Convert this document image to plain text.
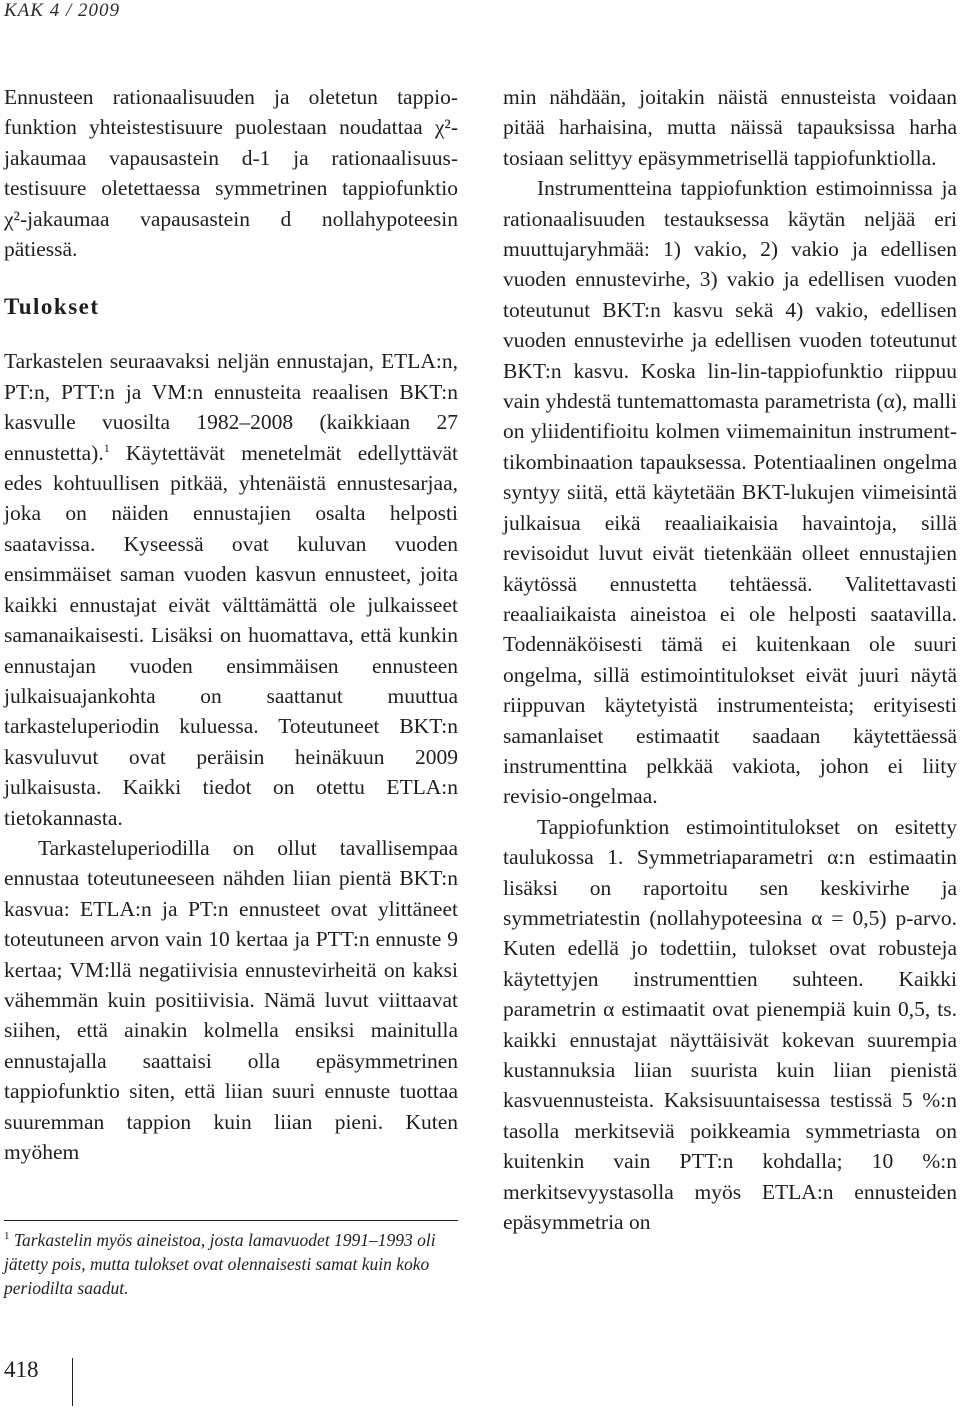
KAK 4 / 2009

Ennusteen rationaalisuuden ja oletetun tappiofunktion yhteistestisuure puolestaan noudattaa χ²-jakaumaa vapausastein d-1 ja rationaalisuustestisuure oletettaessa symmetrinen tappiofunktio χ²-jakaumaa vapausastein d nollahypoteesin pätiessä.

Tulokset

Tarkastelen seuraavaksi neljän ennustajan, ETLA:n, PT:n, PTT:n ja VM:n ennusteita reaalisen BKT:n kasvulle vuosilta 1982–2008 (kaikkiaan 27 ennustetta).$^1$ Käytettävät menetelmät edellyttävät edes kohtuullisen pitkää, yhtenäistä ennustesarjaa, joka on näiden ennustajien osalta helposti saatavissa. Kyseessä ovat kuluvan vuoden ensimmäiset saman vuoden kasvun ennusteet, joita kaikki ennustajat eivät välttämättä ole julkaisseet samanaikaisesti. Lisäksi on huomattava, että kunkin ennustajan vuoden ensimmäisen ennusteen julkaisuajankohta on saattanut muuttua tarkasteluperiodin kuluessa. Toteutuneet BKT:n kasvuluvut ovat peräisin heinäkuun 2009 julkaisusta. Kaikki tiedot on otettu ETLA:n tietokannasta.

Tarkasteluperiodilla on ollut tavallisempaa ennustaa toteutuneeseen nähden liian pientä BKT:n kasvua: ETLA:n ja PT:n ennusteet ovat ylittäneet toteutuneen arvon vain 10 kertaa ja PTT:n ennuste 9 kertaa; VM:llä negatiivisia ennustevirheitä on kaksi vähemmän kuin positiivisia. Nämä luvut viittaavat siihen, että ainakin kolmella ensiksi mainitulla ennustajalla saattaisi olla epäsymmetrinen tappiofunktio siten, että liian suuri ennuste tuottaa suuremman tappion kuin liian pieni. Kuten myöhem

min nähdään, joitakin näistä ennusteista voidaan pitää harhaisina, mutta näissä tapauksissa harha tosiaan selittyy epäsymmetrisellä tappiofunktiolla.

Instrumentteina tappiofunktion estimoinnissa ja rationaalisuuden testauksessa käytän neljää eri muuttujaryhmää: 1) vakio, 2) vakio ja edellisen vuoden ennustevirhe, 3) vakio ja edellisen vuoden toteutunut BKT:n kasvu sekä 4) vakio, edellisen vuoden ennustevirhe ja edellisen vuoden toteutunut BKT:n kasvu. Koska lin-lin-tappiofunktio riippuu vain yhdestä tuntemattomasta parametrista (α), malli on yliidentifioitu kolmen viimemainitun instrumenttikombinaation tapauksessa. Potentiaalinen ongelma syntyy siitä, että käytetään BKT-lukujen viimeisintä julkaisua eikä reaaliaikaisia havaintoja, sillä revisoidut luvut eivät tietenkään olleet ennustajien käytössä ennustetta tehtäessä. Valitettavasti reaaliaikaista aineistoa ei ole helposti saatavilla. Todennäköisesti tämä ei kuitenkaan ole suuri ongelma, sillä estimointitulokset eivät juuri näytä riippuvan käytetyistä instrumenteista; erityisesti samanlaiset estimaatit saadaan käytettäessä instrumenttina pelkkää vakiota, johon ei liity revisio-ongelmaa.

Tappiofunktion estimointitulokset on esitetty taulukossa 1. Symmetriaparametri α:n estimaatin lisäksi on raportoitu sen keskivirhe ja symmetriatestin (nollahypoteesina α = 0,5) p-arvo. Kuten edellä jo todettiin, tulokset ovat robusteja käytettyjen instrumenttien suhteen. Kaikki parametrin α estimaatit ovat pienempiä kuin 0,5, ts. kaikki ennustajat näyttäisivät kokevan suurempia kustannuksia liian suurista kuin liian pienistä kasvuennusteista. Kaksisuuntaisessa testissä 5 %:n tasolla merkitseviä poikkeamia symmetriasta on kuitenkin vain PTT:n kohdalla; 10 %:n merkitsevyystasolla myös ETLA:n ennusteiden epäsymmetria on

$^1$ Tarkastelin myös aineistoa, josta lamavuodet 1991–1993 oli jätetty pois, mutta tulokset ovat olennaisesti samat kuin koko periodilta saadut.
418
